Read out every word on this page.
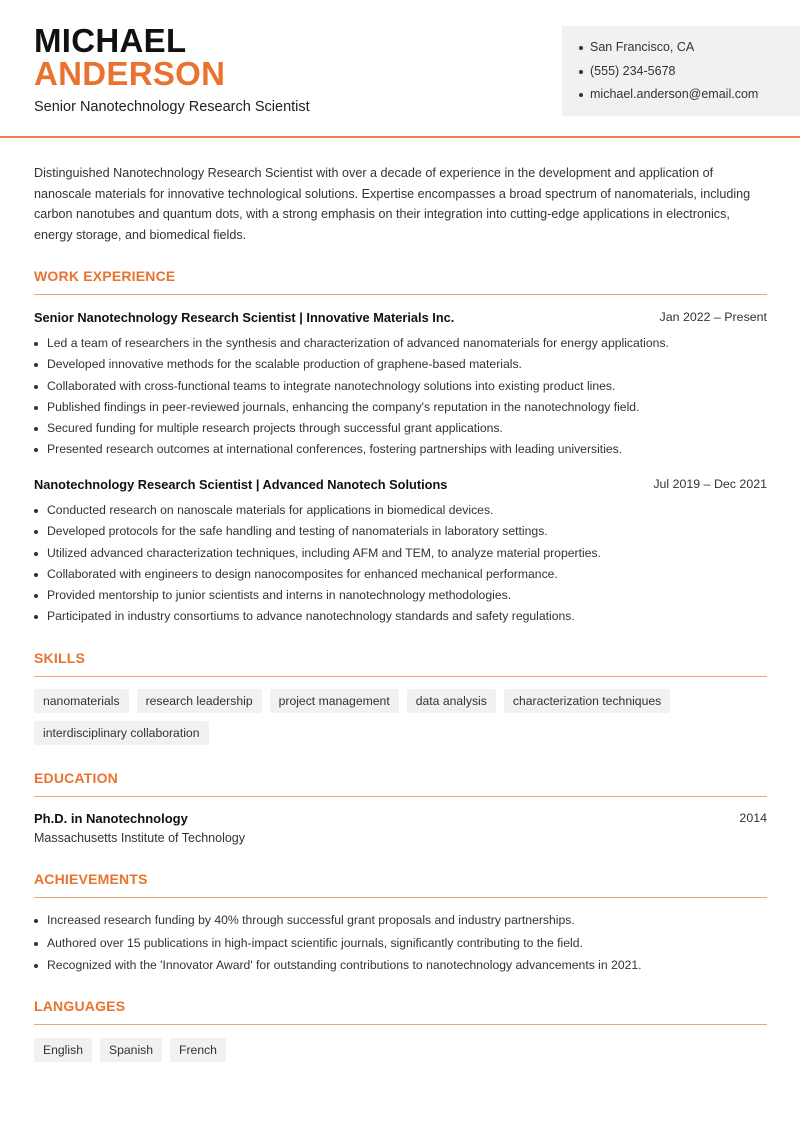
MICHAEL
ANDERSON
Senior Nanotechnology Research Scientist
San Francisco, CA
(555) 234-5678
michael.anderson@email.com
Distinguished Nanotechnology Research Scientist with over a decade of experience in the development and application of nanoscale materials for innovative technological solutions. Expertise encompasses a broad spectrum of nanomaterials, including carbon nanotubes and quantum dots, with a strong emphasis on their integration into cutting-edge applications in electronics, energy storage, and biomedical fields.
WORK EXPERIENCE
Senior Nanotechnology Research Scientist | Innovative Materials Inc.	Jan 2022 – Present
Led a team of researchers in the synthesis and characterization of advanced nanomaterials for energy applications.
Developed innovative methods for the scalable production of graphene-based materials.
Collaborated with cross-functional teams to integrate nanotechnology solutions into existing product lines.
Published findings in peer-reviewed journals, enhancing the company's reputation in the nanotechnology field.
Secured funding for multiple research projects through successful grant applications.
Presented research outcomes at international conferences, fostering partnerships with leading universities.
Nanotechnology Research Scientist | Advanced Nanotech Solutions	Jul 2019 – Dec 2021
Conducted research on nanoscale materials for applications in biomedical devices.
Developed protocols for the safe handling and testing of nanomaterials in laboratory settings.
Utilized advanced characterization techniques, including AFM and TEM, to analyze material properties.
Collaborated with engineers to design nanocomposites for enhanced mechanical performance.
Provided mentorship to junior scientists and interns in nanotechnology methodologies.
Participated in industry consortiums to advance nanotechnology standards and safety regulations.
SKILLS
nanomaterials	research leadership	project management	data analysis	characterization techniques
interdisciplinary collaboration
EDUCATION
Ph.D. in Nanotechnology	2014
Massachusetts Institute of Technology
ACHIEVEMENTS
Increased research funding by 40% through successful grant proposals and industry partnerships.
Authored over 15 publications in high-impact scientific journals, significantly contributing to the field.
Recognized with the 'Innovator Award' for outstanding contributions to nanotechnology advancements in 2021.
LANGUAGES
English	Spanish	French
